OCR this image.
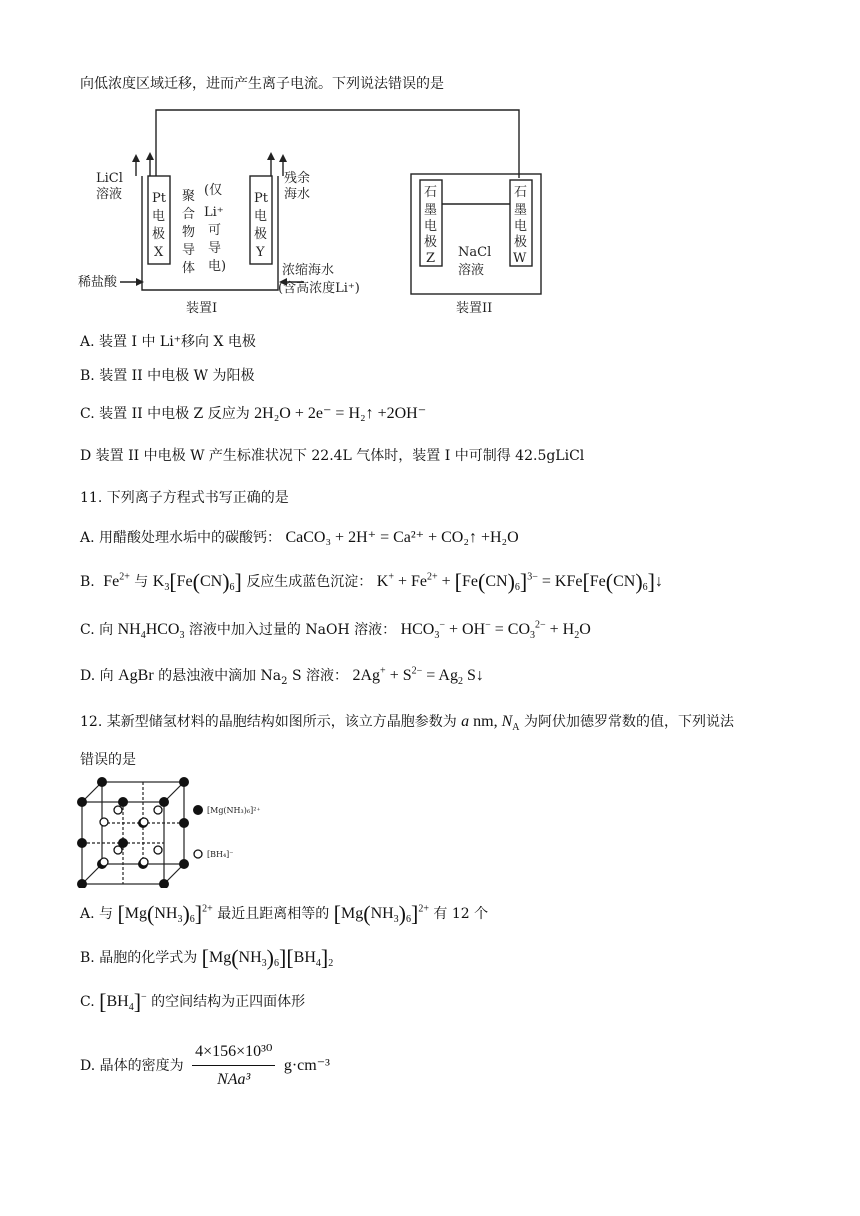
向低浓度区域迁移，进而产生离子电流。下列说法错误的是
LiCl
溶液
稀盐酸
残余
海水
浓缩海水
(含高浓度Li⁺)
Pt
电
极
X
Pt
电
极
Y
聚
合
物
导
体
(仅
Li⁺
可
导
电)
石
墨
电
极
Z
石
墨
电
极
W
NaCl
溶液
装置I	装置II
A. 装置 I 中 Li⁺移向 X 电极
B. 装置 II 中电极 W 为阳极
C. 装置 II 中电极 Z 反应为 2H₂O + 2e⁻ = H₂↑ +2OH⁻
D 装置 II 中电极 W 产生标准状况下 22.4L 气体时，装置 I 中可制得 42.5gLiCl
11. 下列离子方程式书写正确的是
A. 用醋酸处理水垢中的碳酸钙： CaCO₃ + 2H⁺ = Ca²⁺ + CO₂↑ +H₂O
B.  $Fe^{2+}$ 与 $K_3[Fe(CN)_6]$ 反应生成蓝色沉淀： $K^+ + Fe^{2+} + [Fe(CN)_6]^{3-}$ = $KFe[Fe(CN)_6]↓$
C. 向 $NH_4HCO_3$ 溶液中加入过量的 NaOH 溶液： $HCO_3^- + OH^- = CO_3^{2-} + H_2O$
D. 向 AgBr 的悬浊液中滴加 $Na_2$ S 溶液： $2Ag^+ + S^{2-} = Ag_2$ S↓
12. 某新型储氢材料的晶胞结构如图所示，该立方晶胞参数为 a nm, $N_A$ 为阿伏加德罗常数的值，下列说法
错误的是
[Mg(NH₃)₆]²⁺
[BH₄]⁻
A. 与 $[Mg(NH_3)_6]^{2+}$ 最近且距离相等的 $[Mg(NH_3)_6]^{2+}$ 有 12 个
B. 晶胞的化学式为 $[Mg(NH_3)_6][BH_4]_2$
C. $[BH_4]^-$ 的空间结构为正四面体形
D. 晶体的密度为 $\frac{\text{4×156×10³⁰}}{\text{NAa³}} g\cdot cm^{-3}$
